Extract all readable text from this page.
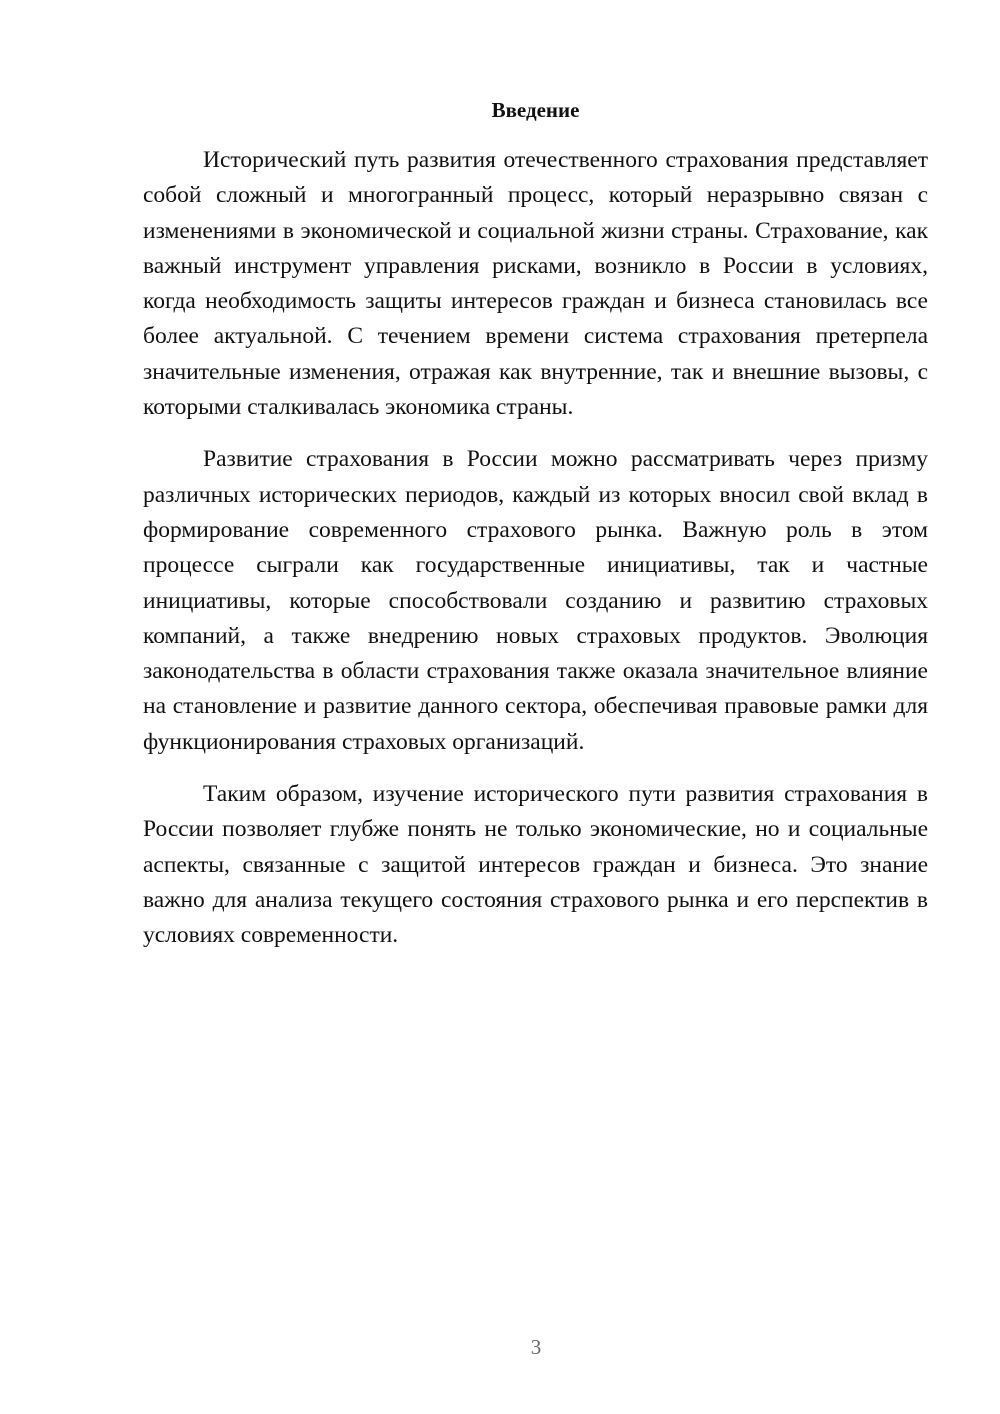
Введение

Исторический путь развития отечественного страхования представляет собой сложный и многогранный процесс, который неразрывно связан с изменениями в экономической и социальной жизни страны. Страхование, как важный инструмент управления рисками, возникло в России в условиях, когда необходимость защиты интересов граждан и бизнеса становилась все более актуальной. С течением времени система страхования претерпела значительные изменения, отражая как внутренние, так и внешние вызовы, с которыми сталкивалась экономика страны.

Развитие страхования в России можно рассматривать через призму различных исторических периодов, каждый из которых вносил свой вклад в формирование современного страхового рынка. Важную роль в этом процессе сыграли как государственные инициативы, так и частные инициативы, которые способствовали созданию и развитию страховых компаний, а также внедрению новых страховых продуктов. Эволюция законодательства в области страхования также оказала значительное влияние на становление и развитие данного сектора, обеспечивая правовые рамки для функционирования страховых организаций.

Таким образом, изучение исторического пути развития страхования в России позволяет глубже понять не только экономические, но и социальные аспекты, связанные с защитой интересов граждан и бизнеса. Это знание важно для анализа текущего состояния страхового рынка и его перспектив в условиях современности.

3
